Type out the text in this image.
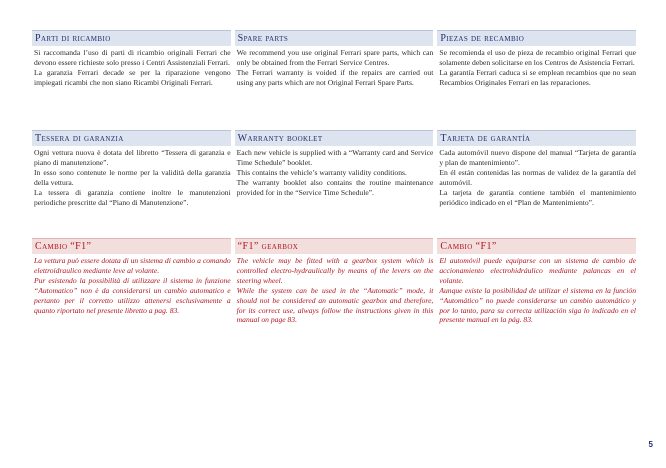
Parti di ricambio

Si raccomanda l’uso di parti di ricambio originali Ferrari che devono essere richieste solo presso i Centri Assistenziali Ferrari.

La garanzia Ferrari decade se per la riparazione vengono impiegati ricambi che non siano Ricambi Originali Ferrari.

Spare parts

We recommend you use original Ferrari spare parts, which can only be obtained from the Ferrari Service Centres.

The Ferrari warranty is voided if the repairs are carried out using any parts which are not Original Ferrari Spare Parts.

Piezas de recambio

Se recomienda el uso de pieza de recambio original Ferrari que solamente deben solicitarse en los Centros de Asistencia Ferrari.

La garantía Ferrari caduca si se emplean recambios que no sean Recambios Originales Ferrari en las reparaciones.

Tessera di garanzia

Ogni vettura nuova è dotata del libretto “Tessera di garanzia e piano di manutenzione”.

In esso sono contenute le norme per la validità della garanzia della vettura.

La tessera di garanzia contiene inoltre le manutenzioni periodiche prescritte dal “Piano di Manutenzione”.

Warranty booklet

Each new vehicle is supplied with a “Warranty card and Service Time Schedule” booklet.

This contains the vehicle’s warranty validity conditions.

The warranty booklet also contains the routine maintenance provided for in the “Service Time Schedule”.

Tarjeta de garantía

Cada automóvil nuevo dispone del manual “Tarjeta de garantía y plan de mantenimiento”.

En él están contenidas las normas de validez de la garantía del automóvil.

La tarjeta de garantía contiene también el mantenimiento periódico indicado en el “Plan de Mantenimiento”.

Cambio “F1”

La vettura può essere dotata di un sistema di cambio a comando elettroidraulico mediante leve al volante.

Pur esistendo la possibilità di utilizzare il sistema in funzione “Automatico” non è da considerarsi un cambio automatico e pertanto per il corretto utilizzo attenersi esclusivamente a quanto riportato nel presente libretto a pag. 83.

“F1” gearbox

The vehicle may be fitted with a gearbox system which is controlled electro-hydraulically by means of the levers on the steering wheel.

While the system can be used in the “Automatic” mode, it should not be considered an automatic gearbox and therefore, for its correct use, always follow the instructions given in this manual on page 83.

Cambio “F1”

El automóvil puede equiparse con un sistema de cambio de accionamiento electrohidráulico mediante palancas en el volante.

Aunque existe la posibilidad de utilizar el sistema en la función “Automático” no puede considerarse un cambio automático y por lo tanto, para su correcta utilización siga lo indicado en el presente manual en la pág. 83.

5
